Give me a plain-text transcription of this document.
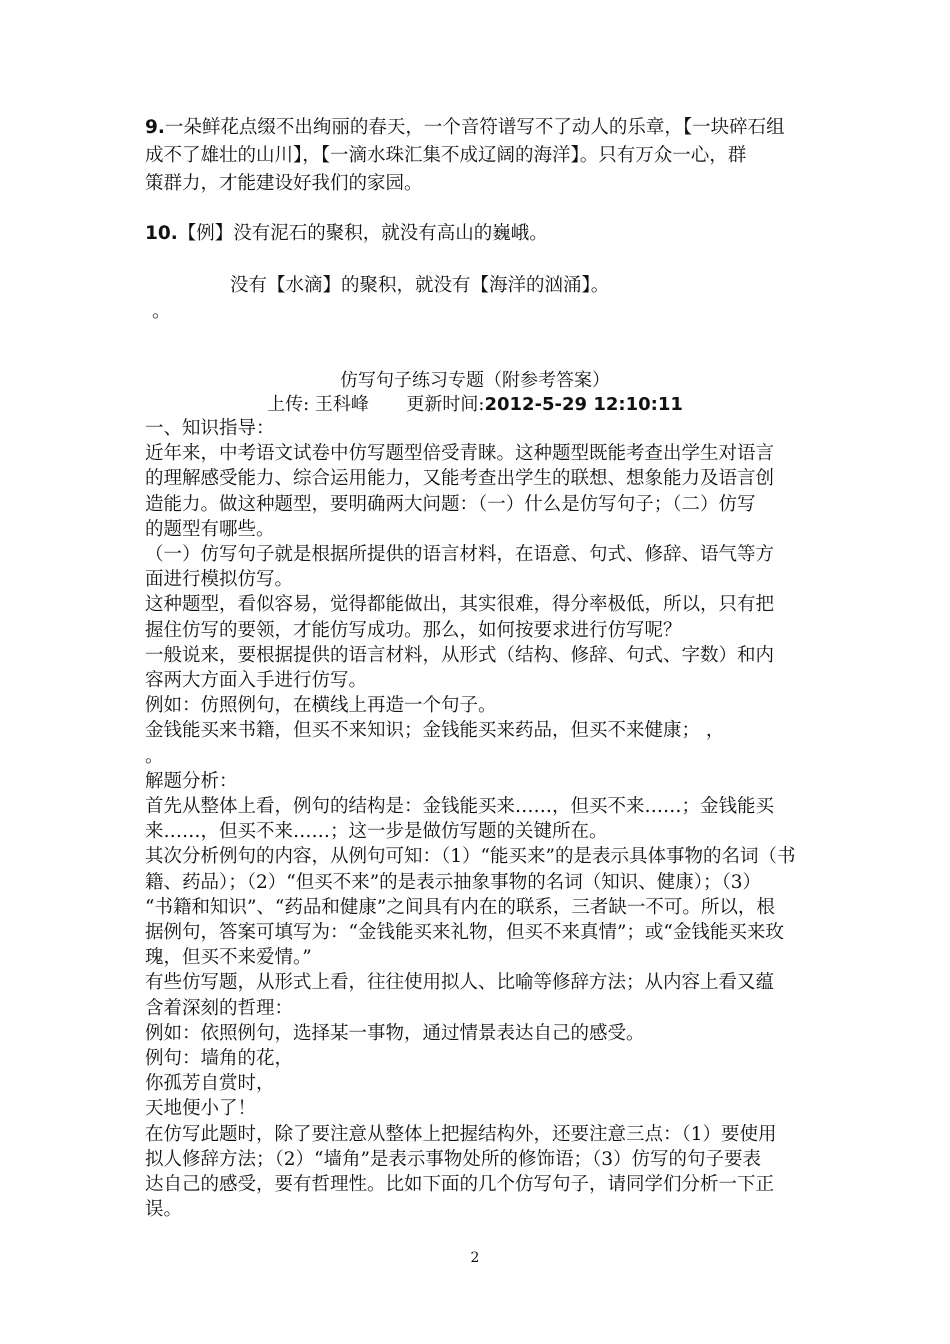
9.一朵鲜花点缀不出绚丽的春天，一个音符谱写不了动人的乐章，【一块碎石组
成不了雄壮的山川】，【一滴水珠汇集不成辽阔的海洋】。只有万众一心，群
策群力，才能建设好我们的家园。
10.【例】没有泥石的聚积，就没有高山的巍峨。
没有【水滴】的聚积，就没有【海洋的汹涌】。
。
仿写句子练习专题（附参考答案）
上传: 王科峰 更新时间:2012-5-29 12:10:11
一、知识指导：
近年来，中考语文试卷中仿写题型倍受青睐。这种题型既能考查出学生对语言
的理解感受能力、综合运用能力，又能考查出学生的联想、想象能力及语言创
造能力。做这种题型，要明确两大问题：（一）什么是仿写句子；（二）仿写
的题型有哪些。
（一）仿写句子就是根据所提供的语言材料，在语意、句式、修辞、语气等方
面进行模拟仿写。
这种题型，看似容易，觉得都能做出，其实很难，得分率极低，所以，只有把
握住仿写的要领，才能仿写成功。那么，如何按要求进行仿写呢？
一般说来，要根据提供的语言材料，从形式（结构、修辞、句式、字数）和内
容两大方面入手进行仿写。
例如：仿照例句，在横线上再造一个句子。
金钱能买来书籍，但买不来知识；金钱能买来药品，但买不来健康； ，
。
解题分析：
首先从整体上看，例句的结构是：金钱能买来……，但买不来……；金钱能买
来……，但买不来……；这一步是做仿写题的关键所在。
其次分析例句的内容，从例句可知：（1）“能买来”的是表示具体事物的名词（书
籍、药品）；（2）“但买不来”的是表示抽象事物的名词（知识、健康）；（3）
“书籍和知识”、“药品和健康”之间具有内在的联系，三者缺一不可。所以，根
据例句，答案可填写为：“金钱能买来礼物，但买不来真情”；或“金钱能买来玫
瑰，但买不来爱情。”
有些仿写题，从形式上看，往往使用拟人、比喻等修辞方法；从内容上看又蕴
含着深刻的哲理：
例如：依照例句，选择某一事物，通过情景表达自己的感受。
例句：墙角的花，
你孤芳自赏时，
天地便小了！
在仿写此题时，除了要注意从整体上把握结构外，还要注意三点：（1）要使用
拟人修辞方法；（2）“墙角”是表示事物处所的修饰语；（3）仿写的句子要表
达自己的感受，要有哲理性。比如下面的几个仿写句子，请同学们分析一下正
误。
2
